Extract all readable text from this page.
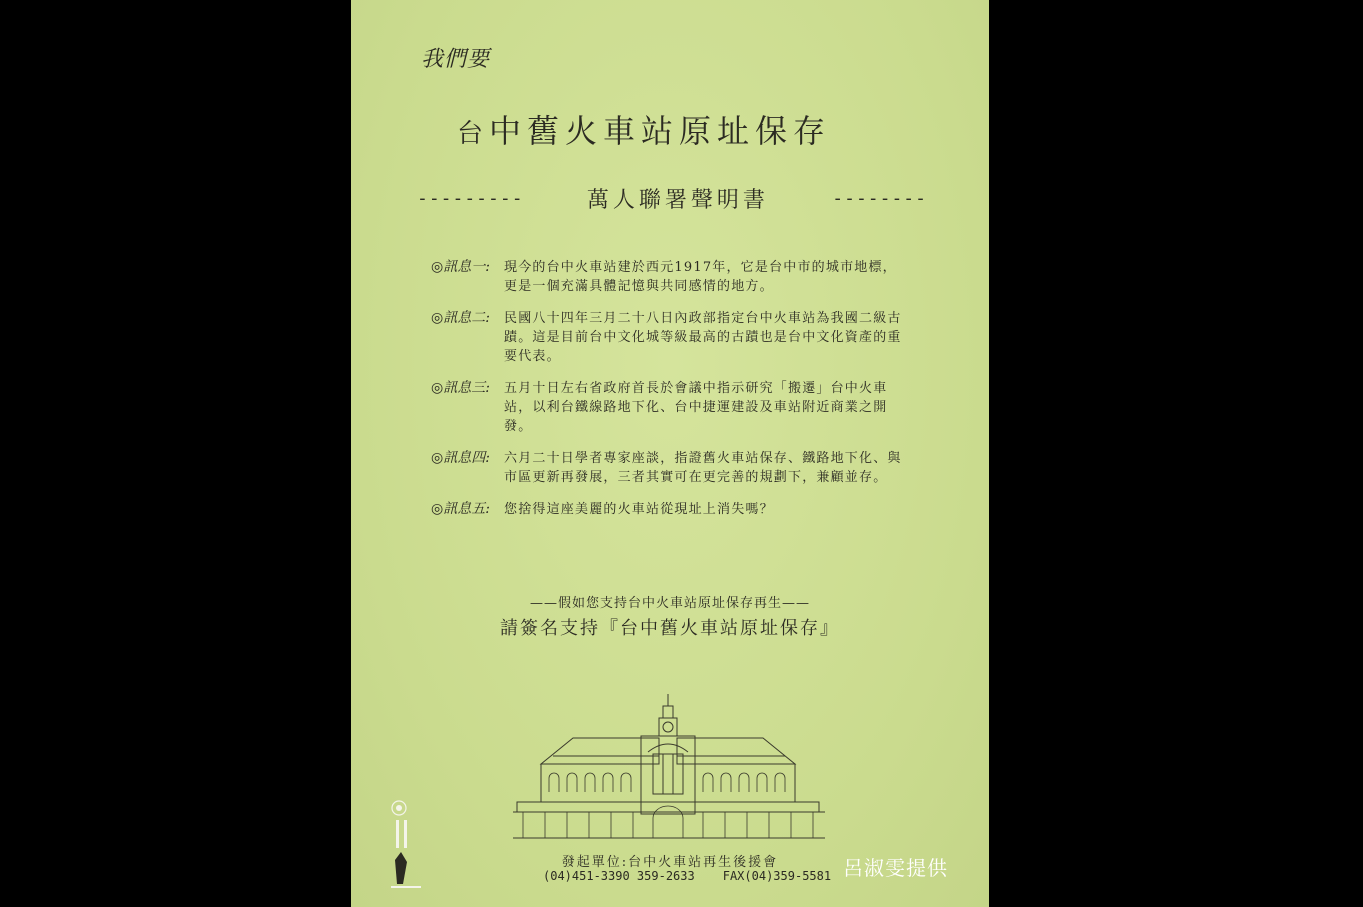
我們要
台中舊火車站原址保存
---------	萬人聯署聲明書	--------
◎訊息一:	現今的台中火車站建於西元1917年，它是台中市的城市地標，更是一個充滿具體記憶與共同感情的地方。
◎訊息二:	民國八十四年三月二十八日內政部指定台中火車站為我國二級古蹟。這是目前台中文化城等級最高的古蹟也是台中文化資產的重要代表。
◎訊息三:	五月十日左右省政府首長於會議中指示研究「搬遷」台中火車站，以利台鐵線路地下化、台中捷運建設及車站附近商業之開發。
◎訊息四:	六月二十日學者專家座談，指證舊火車站保存、鐵路地下化、與市區更新再發展，三者其實可在更完善的規劃下，兼顧並存。
◎訊息五:	您捨得這座美麗的火車站從現址上消失嗎？
——假如您支持台中火車站原址保存再生——
請簽名支持『台中舊火車站原址保存』
發起單位:台中火車站再生後援會
(04)451-3390 359-2633 FAX(04)359-5581 呂淑雯提供
